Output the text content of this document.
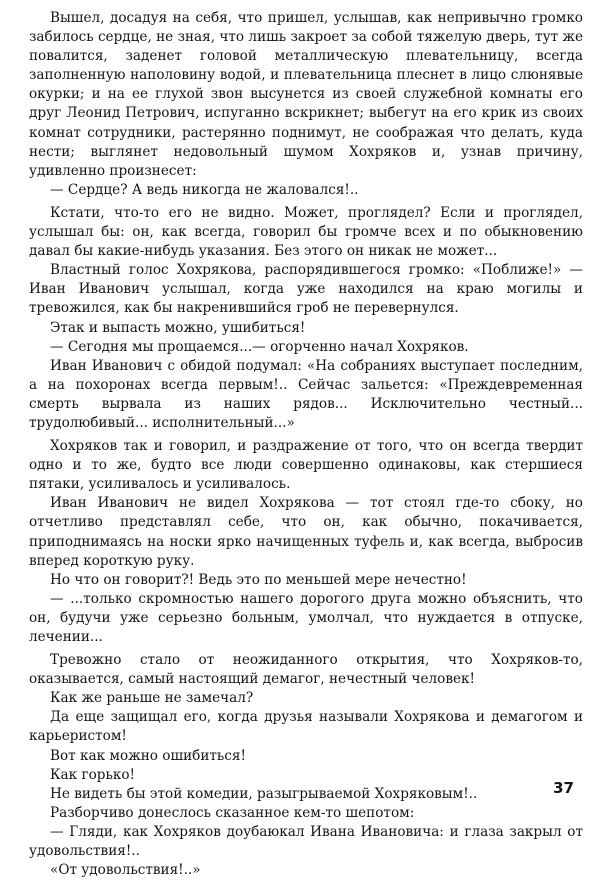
Вышел, досадуя на себя, что пришел, услышав, как непривычно громко забилось сердце, не зная, что лишь закроет за собой тяжелую дверь, тут же повалится, заденет головой металлическую плевательницу, всегда заполненную наполовину водой, и плевательница плеснет в лицо слюнявые окурки; и на ее глухой звон высунется из своей служебной комнаты его друг Леонид Петрович, испуганно вскрикнет; выбегут на его крик из своих комнат сотрудники, растерянно поднимут, не соображая что делать, куда нести; выглянет недовольный шумом Хохряков и, узнав причину, удивленно произнесет:

— Сердце? А ведь никогда не жаловался!..

Кстати, что-то его не видно. Может, проглядел? Если и проглядел, услышал бы: он, как всегда, говорил бы громче всех и по обыкновению давал бы какие-нибудь указания. Без этого он никак не может...

Властный голос Хохрякова, распорядившегося громко: «Поближе!» — Иван Иванович услышал, когда уже находился на краю могилы и тревожился, как бы накренившийся гроб не перевернулся.

Этак и выпасть можно, ушибиться!

— Сегодня мы прощаемся...— огорченно начал Хохряков.

Иван Иванович с обидой подумал: «На собраниях выступает последним, а на похоронах всегда первым!.. Сейчас зальется: «Преждевременная смерть вырвала из наших рядов... Исключительно честный... трудолюбивый... исполнительный...»

Хохряков так и говорил, и раздражение от того, что он всегда твердит одно и то же, будто все люди совершенно одинаковы, как стершиеся пятаки, усиливалось и усиливалось.

Иван Иванович не видел Хохрякова — тот стоял где-то сбоку, но отчетливо представлял себе, что он, как обычно, покачивается, приподнимаясь на носки ярко начищенных туфель и, как всегда, выбросив вперед короткую руку.

Но что он говорит?! Ведь это по меньшей мере нечестно!

— ...только скромностью нашего дорогого друга можно объяснить, что он, будучи уже серьезно больным, умолчал, что нуждается в отпуске, лечении...

Тревожно стало от неожиданного открытия, что Хохряков-то, оказывается, самый настоящий демагог, нечестный человек!

Как же раньше не замечал?

Да еще защищал его, когда друзья называли Хохрякова и демагогом и карьеристом!

Вот как можно ошибиться!

Как горько!

Не видеть бы этой комедии, разыгрываемой Хохряковым!..

Разборчиво донеслось сказанное кем-то шепотом:

— Гляди, как Хохряков доубаюкал Ивана Ивановича: и глаза закрыл от удовольствия!..

«От удовольствия!..»

37
